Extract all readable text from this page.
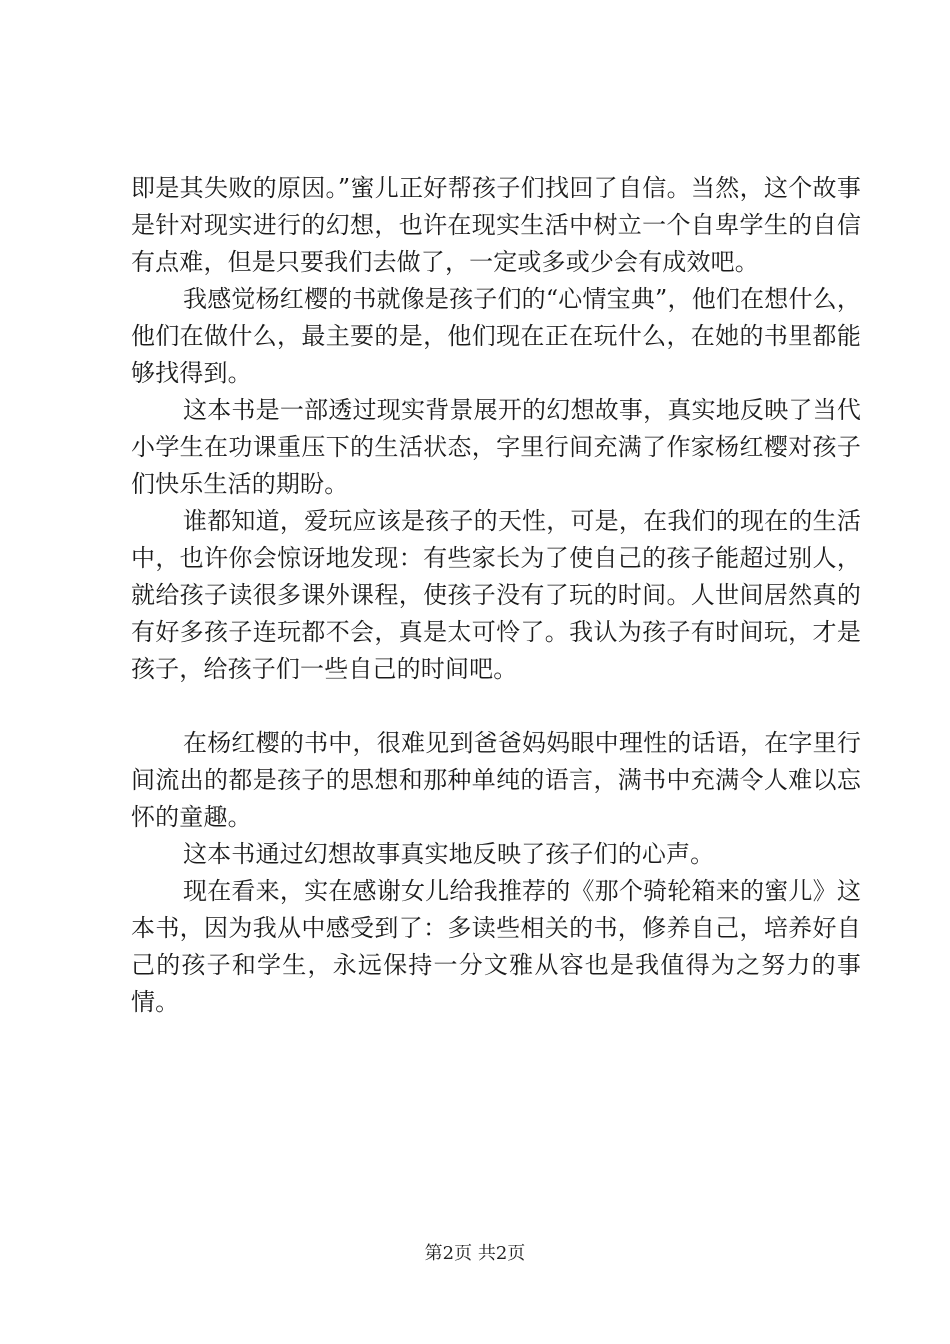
即是其失败的原因。”蜜儿正好帮孩子们找回了自信。当然，这个故事是针对现实进行的幻想，也许在现实生活中树立一个自卑学生的自信有点难，但是只要我们去做了，一定或多或少会有成效吧。

我感觉杨红樱的书就像是孩子们的“心情宝典”，他们在想什么，他们在做什么，最主要的是，他们现在正在玩什么，在她的书里都能够找得到。

这本书是一部透过现实背景展开的幻想故事，真实地反映了当代小学生在功课重压下的生活状态，字里行间充满了作家杨红樱对孩子们快乐生活的期盼。

谁都知道，爱玩应该是孩子的天性，可是，在我们的现在的生活中，也许你会惊讶地发现：有些家长为了使自己的孩子能超过别人，就给孩子读很多课外课程，使孩子没有了玩的时间。人世间居然真的有好多孩子连玩都不会，真是太可怜了。我认为孩子有时间玩，才是孩子，给孩子们一些自己的时间吧。

在杨红樱的书中，很难见到爸爸妈妈眼中理性的话语，在字里行间流出的都是孩子的思想和那种单纯的语言，满书中充满令人难以忘怀的童趣。

这本书通过幻想故事真实地反映了孩子们的心声。

现在看来，实在感谢女儿给我推荐的《那个骑轮箱来的蜜儿》这本书，因为我从中感受到了：多读些相关的书，修养自己，培养好自己的孩子和学生，永远保持一分文雅从容也是我值得为之努力的事情。

第2页 共2页
